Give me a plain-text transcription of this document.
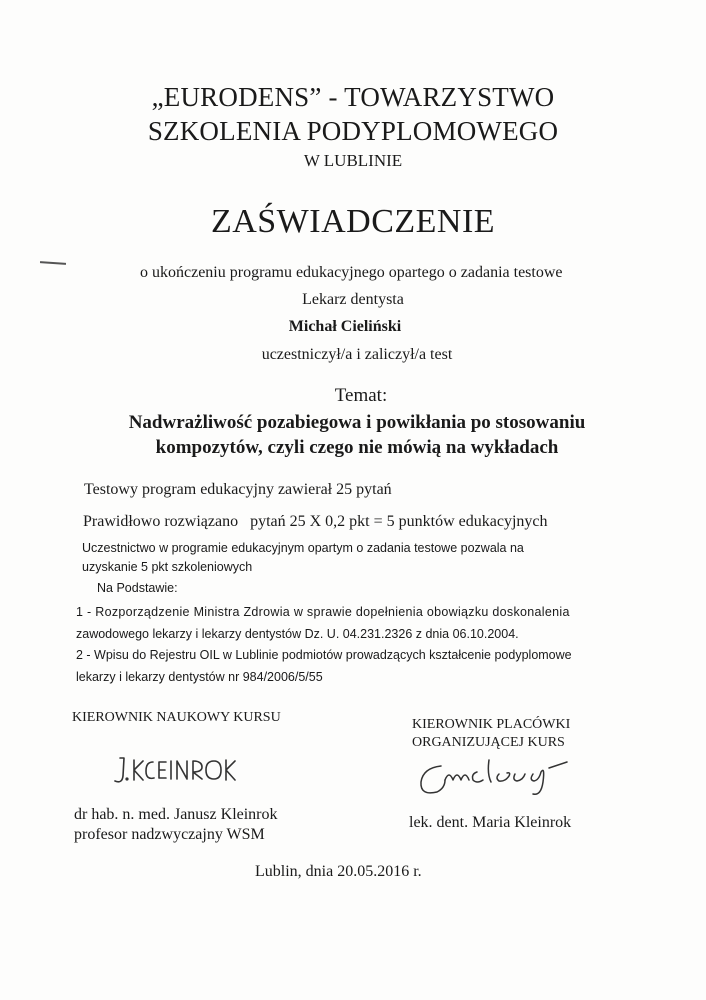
„EURODENS” - TOWARZYSTWO
SZKOLENIA PODYPLOMOWEGO
W LUBLINIE
ZAŚWIADCZENIE
o ukończeniu programu edukacyjnego opartego o zadania testowe
Lekarz dentysta
Michał Cieliński
uczestniczył/a i zaliczył/a test
Temat:
Nadwrażliwość pozabiegowa i powikłania po stosowaniu
kompozytów, czyli czego nie mówią na wykładach
Testowy program edukacyjny zawierał 25 pytań
Prawidłowo rozwiązano   pytań 25 X 0,2 pkt = 5 punktów edukacyjnych
Uczestnictwo w programie edukacyjnym opartym o zadania testowe pozwala na
uzyskanie 5 pkt szkoleniowych
Na Podstawie:
1 - Rozporządzenie Ministra Zdrowia w sprawie dopełnienia obowiązku doskonalenia
zawodowego lekarzy i lekarzy dentystów Dz. U. 04.231.2326 z dnia 06.10.2004.
2 - Wpisu do Rejestru OIL w Lublinie podmiotów prowadzących kształcenie podyplomowe
lekarzy i lekarzy dentystów nr 984/2006/5/55
KIEROWNIK NAUKOWY KURSU	KIEROWNIK PLACÓWKI
ORGANIZUJĄCEJ KURS
dr hab. n. med. Janusz Kleinrok
profesor nadzwyczajny WSM
lek. dent. Maria Kleinrok
Lublin, dnia 20.05.2016 r.
